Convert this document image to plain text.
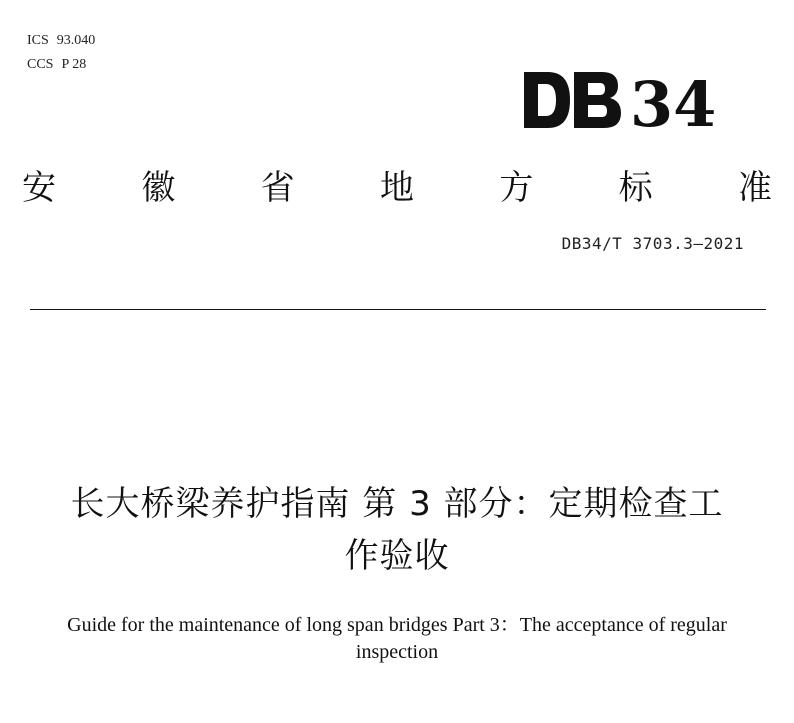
ICS 93.040
CCS P 28
34
安	徽	省	地	方	标	准
DB34/T 3703.3—2021
长大桥梁养护指南 第 3 部分：定期检查工
作验收
Guide for the maintenance of long span bridges Part 3：The acceptance of regular inspection
